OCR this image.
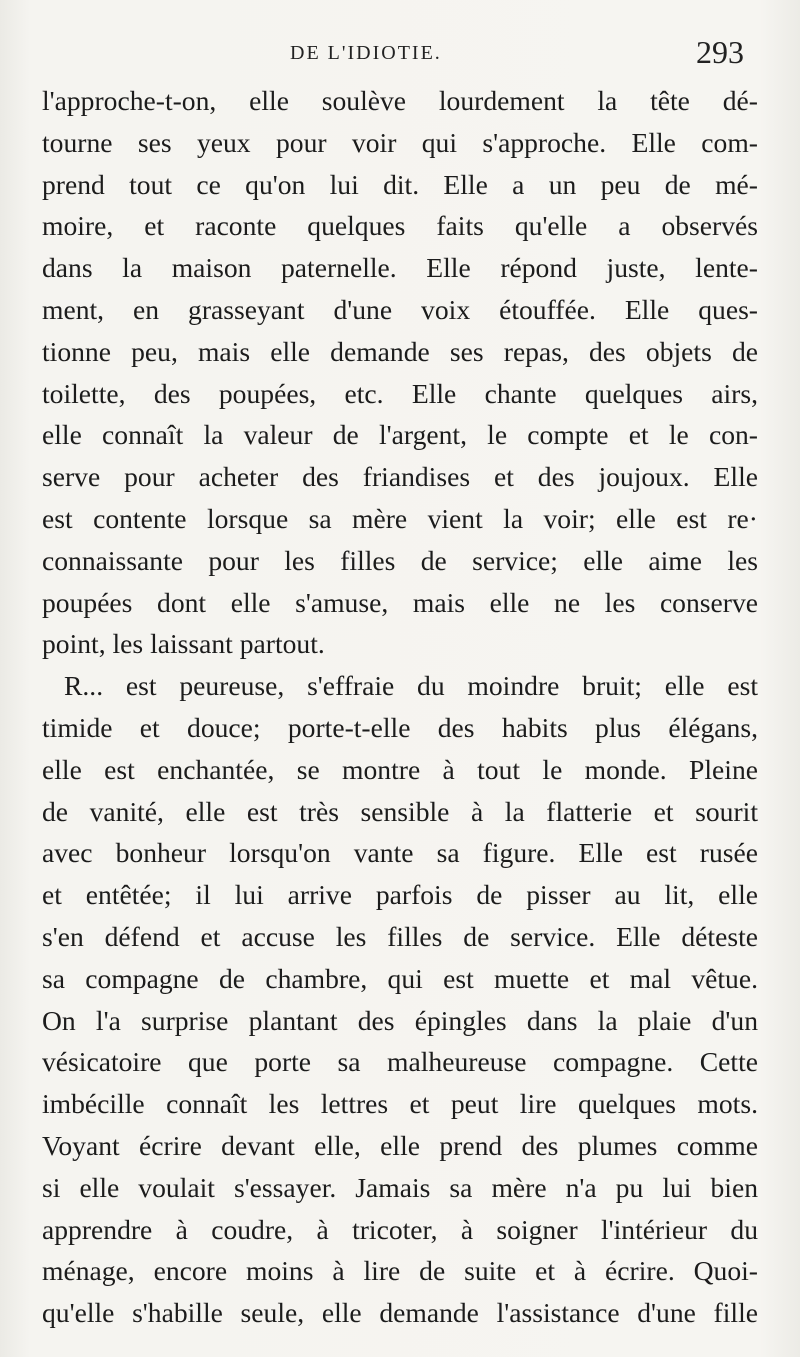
DE L'IDIOTIE.	293
l'approche-t-on, elle soulève lourdement la tête dé-
tourne ses yeux pour voir qui s'approche. Elle com-
prend tout ce qu'on lui dit. Elle a un peu de mé-
moire, et raconte quelques faits qu'elle a observés
dans la maison paternelle. Elle répond juste, lente-
ment, en grasseyant d'une voix étouffée. Elle ques-
tionne peu, mais elle demande ses repas, des objets de
toilette, des poupées, etc. Elle chante quelques airs,
elle connaît la valeur de l'argent, le compte et le con-
serve pour acheter des friandises et des joujoux. Elle
est contente lorsque sa mère vient la voir; elle est re·
connaissante pour les filles de service; elle aime les
poupées dont elle s'amuse, mais elle ne les conserve
point, les laissant partout.
R... est peureuse, s'effraie du moindre bruit; elle est
timide et douce; porte-t-elle des habits plus élégans,
elle est enchantée, se montre à tout le monde. Pleine
de vanité, elle est très sensible à la flatterie et sourit
avec bonheur lorsqu'on vante sa figure. Elle est rusée
et entêtée; il lui arrive parfois de pisser au lit, elle
s'en défend et accuse les filles de service. Elle déteste
sa compagne de chambre, qui est muette et mal vêtue.
On l'a surprise plantant des épingles dans la plaie d'un
vésicatoire que porte sa malheureuse compagne. Cette
imbécille connaît les lettres et peut lire quelques mots.
Voyant écrire devant elle, elle prend des plumes comme
si elle voulait s'essayer. Jamais sa mère n'a pu lui bien
apprendre à coudre, à tricoter, à soigner l'intérieur du
ménage, encore moins à lire de suite et à écrire. Quoi-
qu'elle s'habille seule, elle demande l'assistance d'une fille
